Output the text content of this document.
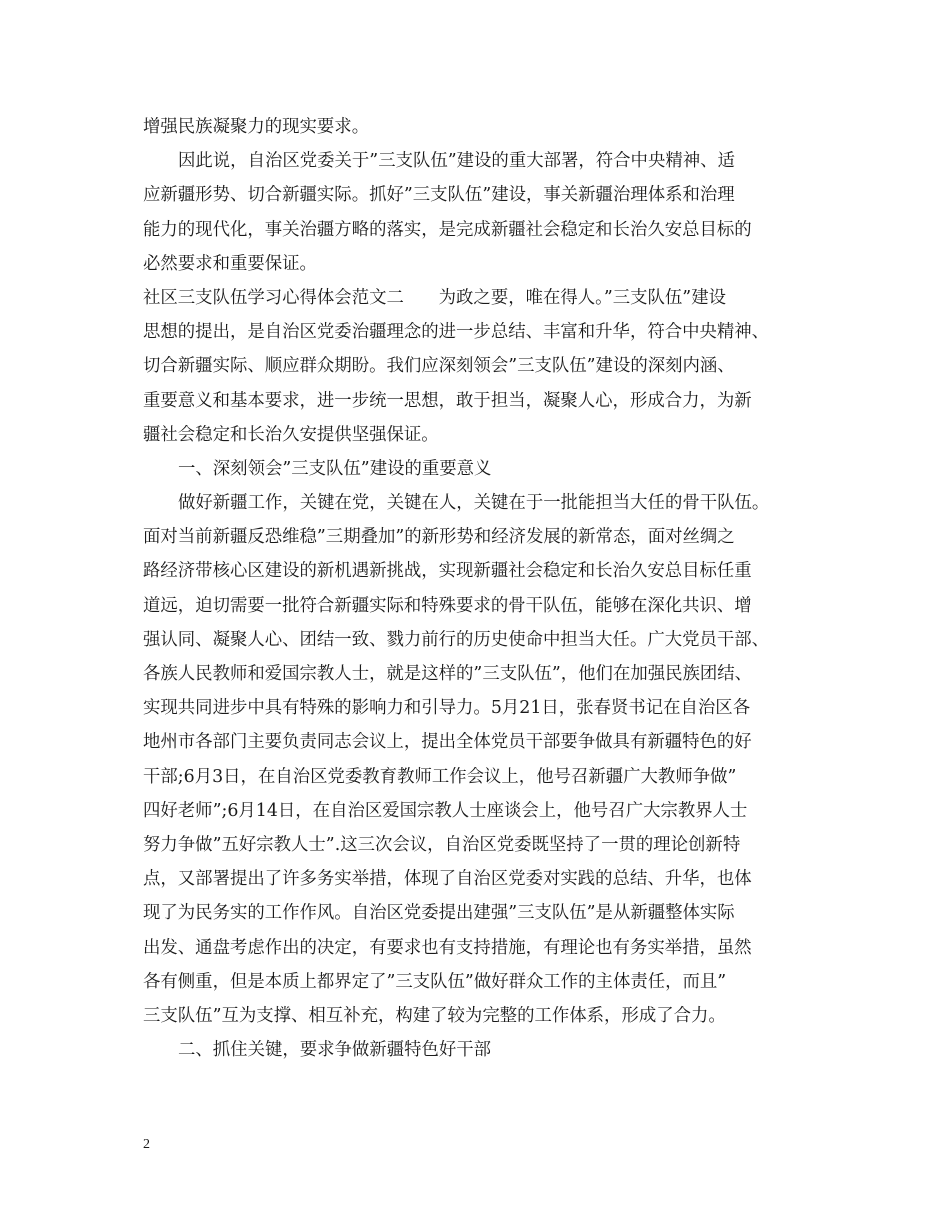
增强民族凝聚力的现实要求。
因此说，自治区党委关于”三支队伍”建设的重大部署，符合中央精神、适
应新疆形势、切合新疆实际。抓好”三支队伍”建设，事关新疆治理体系和治理
能力的现代化，事关治疆方略的落实，是完成新疆社会稳定和长治久安总目标的
必然要求和重要保证。
社区三支队伍学习心得体会范文二　　为政之要，唯在得人。”三支队伍”建设
思想的提出，是自治区党委治疆理念的进一步总结、丰富和升华，符合中央精神、
切合新疆实际、顺应群众期盼。我们应深刻领会”三支队伍”建设的深刻内涵、
重要意义和基本要求，进一步统一思想，敢于担当，凝聚人心，形成合力，为新
疆社会稳定和长治久安提供坚强保证。
一、深刻领会”三支队伍”建设的重要意义
做好新疆工作，关键在党，关键在人，关键在于一批能担当大任的骨干队伍。
面对当前新疆反恐维稳”三期叠加”的新形势和经济发展的新常态，面对丝绸之
路经济带核心区建设的新机遇新挑战，实现新疆社会稳定和长治久安总目标任重
道远，迫切需要一批符合新疆实际和特殊要求的骨干队伍，能够在深化共识、增
强认同、凝聚人心、团结一致、戮力前行的历史使命中担当大任。广大党员干部、
各族人民教师和爱国宗教人士，就是这样的”三支队伍”，他们在加强民族团结、
实现共同进步中具有特殊的影响力和引导力。5月21日，张春贤书记在自治区各
地州市各部门主要负责同志会议上，提出全体党员干部要争做具有新疆特色的好
干部;6月3日，在自治区党委教育教师工作会议上，他号召新疆广大教师争做”
四好老师”;6月14日，在自治区爱国宗教人士座谈会上，他号召广大宗教界人士
努力争做”五好宗教人士”.这三次会议，自治区党委既坚持了一贯的理论创新特
点，又部署提出了许多务实举措，体现了自治区党委对实践的总结、升华，也体
现了为民务实的工作作风。自治区党委提出建强”三支队伍”是从新疆整体实际
出发、通盘考虑作出的决定，有要求也有支持措施，有理论也有务实举措，虽然
各有侧重，但是本质上都界定了”三支队伍”做好群众工作的主体责任，而且”
三支队伍”互为支撑、相互补充，构建了较为完整的工作体系，形成了合力。
二、抓住关键，要求争做新疆特色好干部
2
